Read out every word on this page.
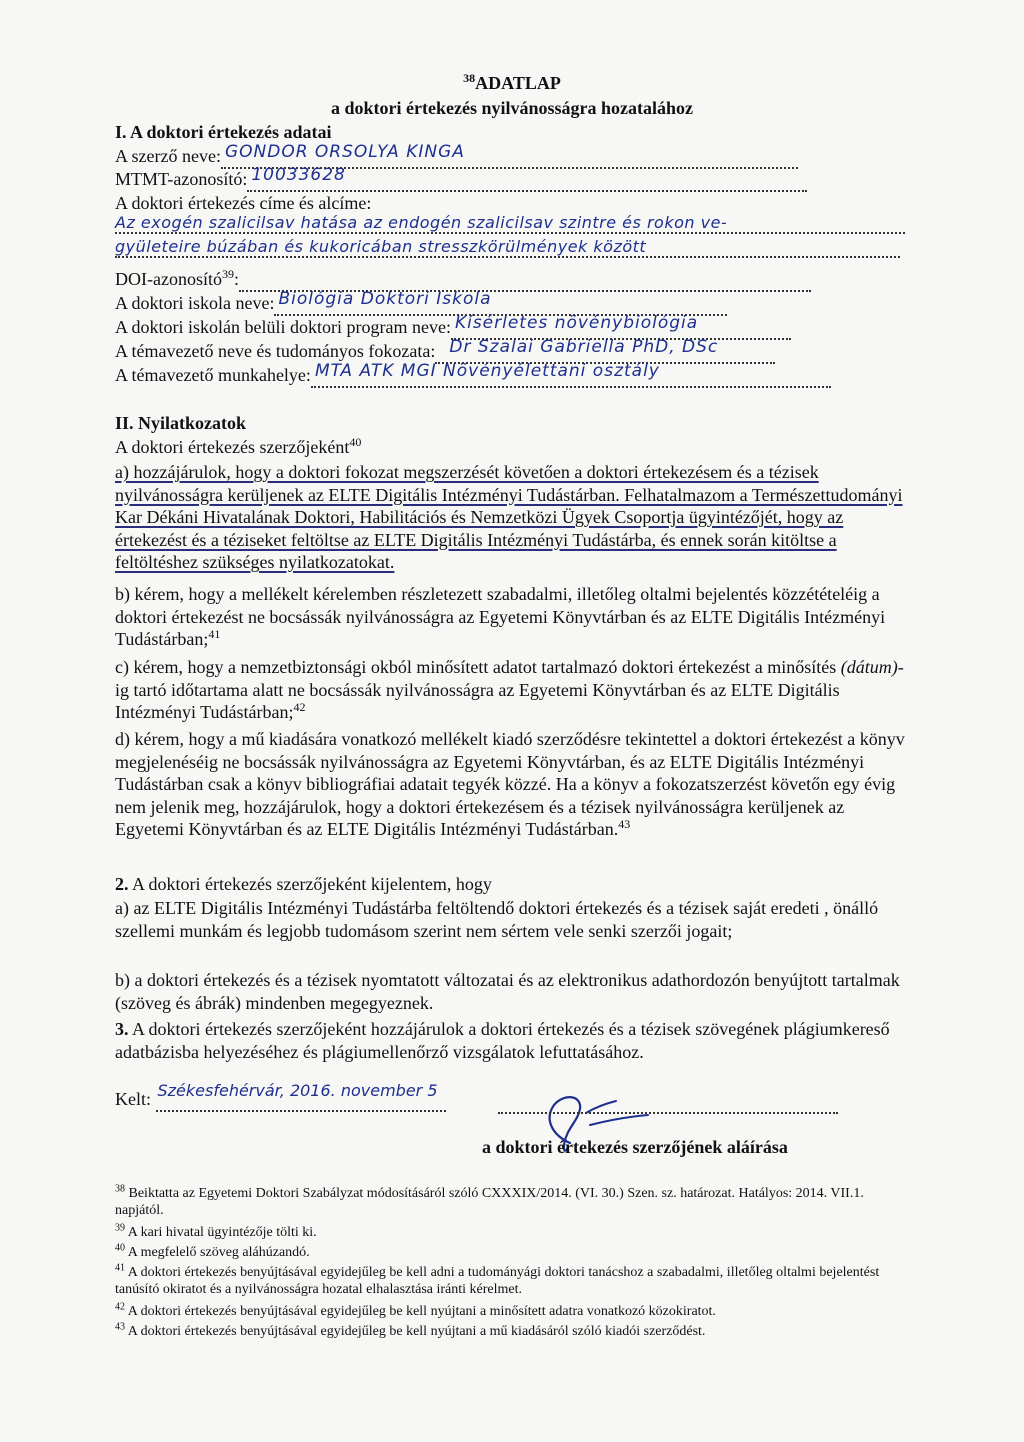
$^{38}$ADATLAP
a doktori értekezés nyilvánosságra hozatalához
I. A doktori értekezés adatai
A szerző neve: GONDOR ORSOLYA KINGA

MTMT-azonosító: 10033628

A doktori értekezés címe és alcíme:
Az exogén szalicilsav hatása az endogén szalicilsav szintre és rokon ve-
gyületeire búzában és kukoricában stresszkörülmények között
DOI-azonosító$^{39}$:
A doktori iskola neve: Biológia Doktori Iskola

A doktori iskolán belüli doktori program neve: Kísérletes növénybiológia

A témavezető neve és tudományos fokozata: Dr Szalai Gabriella PhD, DSc

A témavezető munkahelye: MTA ATK MGI Növényélettani osztály

II. Nyilatkozatok
A doktori értekezés szerzőjeként$^{40}$
a) hozzájárulok, hogy a doktori fokozat megszerzését követően a doktori értekezésem és a tézisek nyilvánosságra kerüljenek az ELTE Digitális Intézményi Tudástárban. Felhatalmazom a Természettudományi Kar Dékáni Hivatalának Doktori, Habilitációs és Nemzetközi Ügyek Csoportja ügyintézőjét, hogy az értekezést és a téziseket feltöltse az ELTE Digitális Intézményi Tudástárba, és ennek során kitöltse a feltöltéshez szükséges nyilatkozatokat.
b) kérem, hogy a mellékelt kérelemben részletezett szabadalmi, illetőleg oltalmi bejelentés közzétételéig a doktori értekezést ne bocsássák nyilvánosságra az Egyetemi Könyvtárban és az ELTE Digitális Intézményi Tudástárban;$^{41}$
c) kérem, hogy a nemzetbiztonsági okból minősített adatot tartalmazó doktori értekezést a minősítés (dátum)-ig tartó időtartama alatt ne bocsássák nyilvánosságra az Egyetemi Könyvtárban és az ELTE Digitális Intézményi Tudástárban;$^{42}$
d) kérem, hogy a mű kiadására vonatkozó mellékelt kiadó szerződésre tekintettel a doktori értekezést a könyv megjelenéséig ne bocsássák nyilvánosságra az Egyetemi Könyvtárban, és az ELTE Digitális Intézményi Tudástárban csak a könyv bibliográfiai adatait tegyék közzé. Ha a könyv a fokozatszerzést követőn egy évig nem jelenik meg, hozzájárulok, hogy a doktori értekezésem és a tézisek nyilvánosságra kerüljenek az Egyetemi Könyvtárban és az ELTE Digitális Intézményi Tudástárban.$^{43}$
2. A doktori értekezés szerzőjeként kijelentem, hogy
a) az ELTE Digitális Intézményi Tudástárba feltöltendő doktori értekezés és a tézisek saját eredeti , önálló szellemi munkám és legjobb tudomásom szerint nem sértem vele senki szerzői jogait;
b) a doktori értekezés és a tézisek nyomtatott változatai és az elektronikus adathordozón benyújtott tartalmak (szöveg és ábrák) mindenben megegyeznek.
3. A doktori értekezés szerzőjeként hozzájárulok a doktori értekezés és a tézisek szövegének plágiumkereső adatbázisba helyezéséhez és plágiumellenőrző vizsgálatok lefuttatásához.
Kelt: Székesfehérvár, 2016. november 5

a doktori értekezés szerzőjének aláírása
$^{38}$ Beiktatta az Egyetemi Doktori Szabályzat módosításáról szóló CXXXIX/2014. (VI. 30.) Szen. sz. határozat. Hatályos: 2014. VII.1. napjától.
$^{39}$ A kari hivatal ügyintézője tölti ki.
$^{40}$ A megfelelő szöveg aláhúzandó.
$^{41}$ A doktori értekezés benyújtásával egyidejűleg be kell adni a tudományági doktori tanácshoz a szabadalmi, illetőleg oltalmi bejelentést tanúsító okiratot és a nyilvánosságra hozatal elhalasztása iránti kérelmet.
$^{42}$ A doktori értekezés benyújtásával egyidejűleg be kell nyújtani a minősített adatra vonatkozó közokiratot.
$^{43}$ A doktori értekezés benyújtásával egyidejűleg be kell nyújtani a mű kiadásáról szóló kiadói szerződést.
